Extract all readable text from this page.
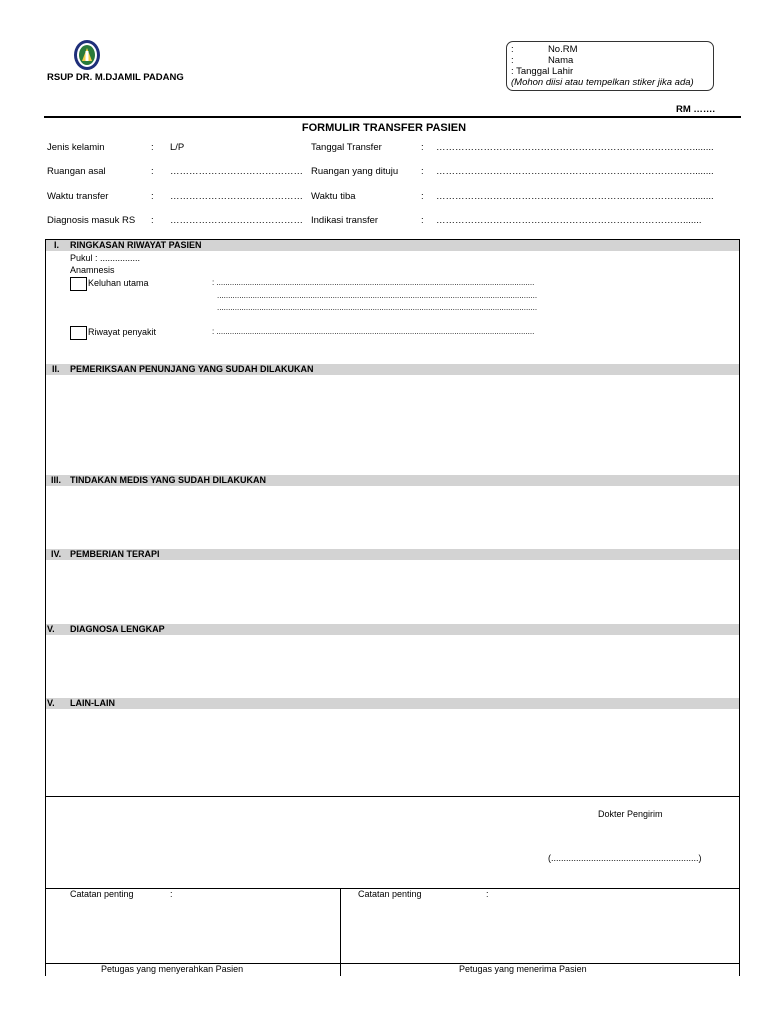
RSUP DR. M.DJAMIL PADANG
:             No.RM
:             Nama
: Tanggal Lahir
(Mohon diisi atau tempelkan stiker jika ada)
RM …….
FORMULIR TRANSFER PASIEN
Jenis kelamin	: L/P	Tanggal Transfer	: ………………………………………………………………………........
Ruangan asal	: …………………………………… Ruangan yang dituju : ………………………………………………………………………........
Waktu transfer	: …………………………………… Waktu tiba	: ………………………………………………………………………........
Diagnosis masuk RS : …………………………………… Indikasi transfer	: …………………………………………………………………….......
I. RINGKASAN RIWAYAT PASIEN
Pukul : ................
Anamnesis
Keluhan utama	: ...............................................................................................................................................
................................................................................................................................................
................................................................................................................................................
Riwayat penyakit	: ...............................................................................................................................................
II. PEMERIKSAAN PENUNJANG YANG SUDAH DILAKUKAN
III. TINDAKAN MEDIS YANG SUDAH DILAKUKAN
IV. PEMBERIAN TERAPI
V. DIAGNOSA LENGKAP
V. LAIN-LAIN
Dokter Pengirim
(...........................................................)
Catatan penting	:	Catatan penting	:
Petugas yang menyerahkan Pasien	Petugas yang menerima Pasien
